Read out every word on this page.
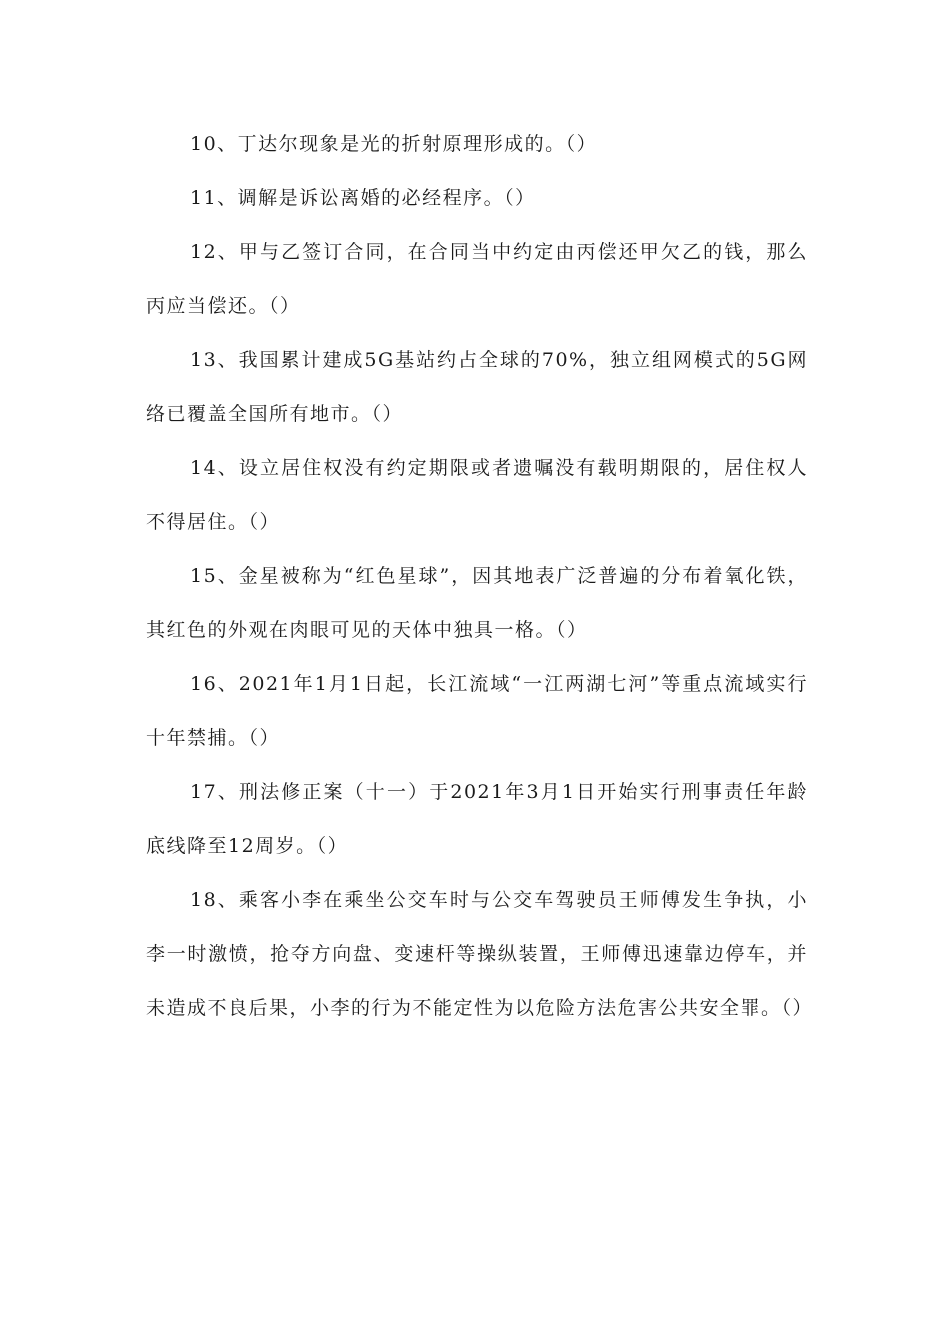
10、丁达尔现象是光的折射原理形成的。（）

11、调解是诉讼离婚的必经程序。（）

12、甲与乙签订合同，在合同当中约定由丙偿还甲欠乙的钱，那么丙应当偿还。（）

13、我国累计建成5G基站约占全球的70%，独立组网模式的5G网络已覆盖全国所有地市。（）

14、设立居住权没有约定期限或者遗嘱没有载明期限的，居住权人不得居住。（）

15、金星被称为“红色星球”，因其地表广泛普遍的分布着氧化铁，其红色的外观在肉眼可见的天体中独具一格。（）

16、2021年1月1日起，长江流域“一江两湖七河”等重点流域实行十年禁捕。（）

17、刑法修正案（十一）于2021年3月1日开始实行刑事责任年龄底线降至12周岁。（）

18、乘客小李在乘坐公交车时与公交车驾驶员王师傅发生争执，小李一时激愤，抢夺方向盘、变速杆等操纵装置，王师傅迅速靠边停车，并未造成不良后果，小李的行为不能定性为以危险方法危害公共安全罪。（）
